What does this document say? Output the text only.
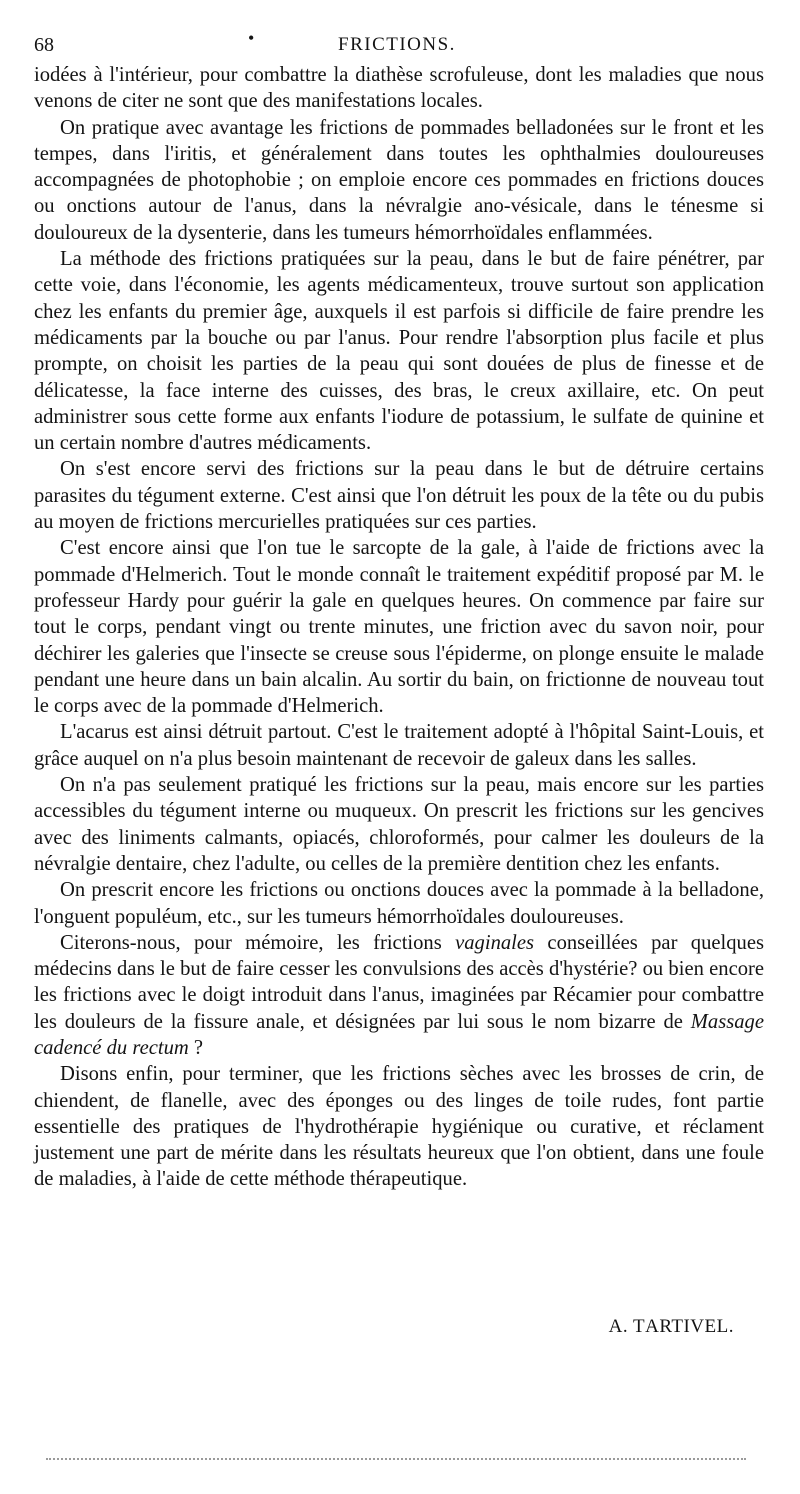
68	•	FRICTIONS.

iodées à l'intérieur, pour combattre la diathèse scrofuleuse, dont les maladies que nous venons de citer ne sont que des manifestations locales.

On pratique avec avantage les frictions de pommades belladonées sur le front et les tempes, dans l'iritis, et généralement dans toutes les ophthalmies douloureuses accompagnées de photophobie ; on emploie encore ces pommades en frictions douces ou onctions autour de l'anus, dans la névralgie ano-vésicale, dans le ténesme si douloureux de la dysenterie, dans les tumeurs hémorrhoïdales enflammées.

La méthode des frictions pratiquées sur la peau, dans le but de faire pénétrer, par cette voie, dans l'économie, les agents médicamenteux, trouve surtout son application chez les enfants du premier âge, auxquels il est parfois si difficile de faire prendre les médicaments par la bouche ou par l'anus. Pour rendre l'absorption plus facile et plus prompte, on choisit les parties de la peau qui sont douées de plus de finesse et de délicatesse, la face interne des cuisses, des bras, le creux axillaire, etc. On peut administrer sous cette forme aux enfants l'iodure de potassium, le sulfate de quinine et un certain nombre d'autres médicaments.

On s'est encore servi des frictions sur la peau dans le but de détruire certains parasites du tégument externe. C'est ainsi que l'on détruit les poux de la tête ou du pubis au moyen de frictions mercurielles pratiquées sur ces parties.

C'est encore ainsi que l'on tue le sarcopte de la gale, à l'aide de frictions avec la pommade d'Helmerich. Tout le monde connaît le traitement expéditif proposé par M. le professeur Hardy pour guérir la gale en quelques heures. On commence par faire sur tout le corps, pendant vingt ou trente minutes, une friction avec du savon noir, pour déchirer les galeries que l'insecte se creuse sous l'épiderme, on plonge ensuite le malade pendant une heure dans un bain alcalin. Au sortir du bain, on frictionne de nouveau tout le corps avec de la pommade d'Helmerich.

L'acarus est ainsi détruit partout. C'est le traitement adopté à l'hôpital Saint-Louis, et grâce auquel on n'a plus besoin maintenant de recevoir de galeux dans les salles.

On n'a pas seulement pratiqué les frictions sur la peau, mais encore sur les parties accessibles du tégument interne ou muqueux. On prescrit les frictions sur les gencives avec des liniments calmants, opiacés, chloroformés, pour calmer les douleurs de la névralgie dentaire, chez l'adulte, ou celles de la première dentition chez les enfants.

On prescrit encore les frictions ou onctions douces avec la pommade à la belladone, l'onguent populéum, etc., sur les tumeurs hémorrhoïdales douloureuses.

Citerons-nous, pour mémoire, les frictions vaginales conseillées par quelques médecins dans le but de faire cesser les convulsions des accès d'hystérie? ou bien encore les frictions avec le doigt introduit dans l'anus, imaginées par Récamier pour combattre les douleurs de la fissure anale, et désignées par lui sous le nom bizarre de Massage cadencé du rectum ?

Disons enfin, pour terminer, que les frictions sèches avec les brosses de crin, de chiendent, de flanelle, avec des éponges ou des linges de toile rudes, font partie essentielle des pratiques de l'hydrothérapie hygiénique ou curative, et réclament justement une part de mérite dans les résultats heureux que l'on obtient, dans une foule de maladies, à l'aide de cette méthode thérapeutique.

A. TARTIVEL.
